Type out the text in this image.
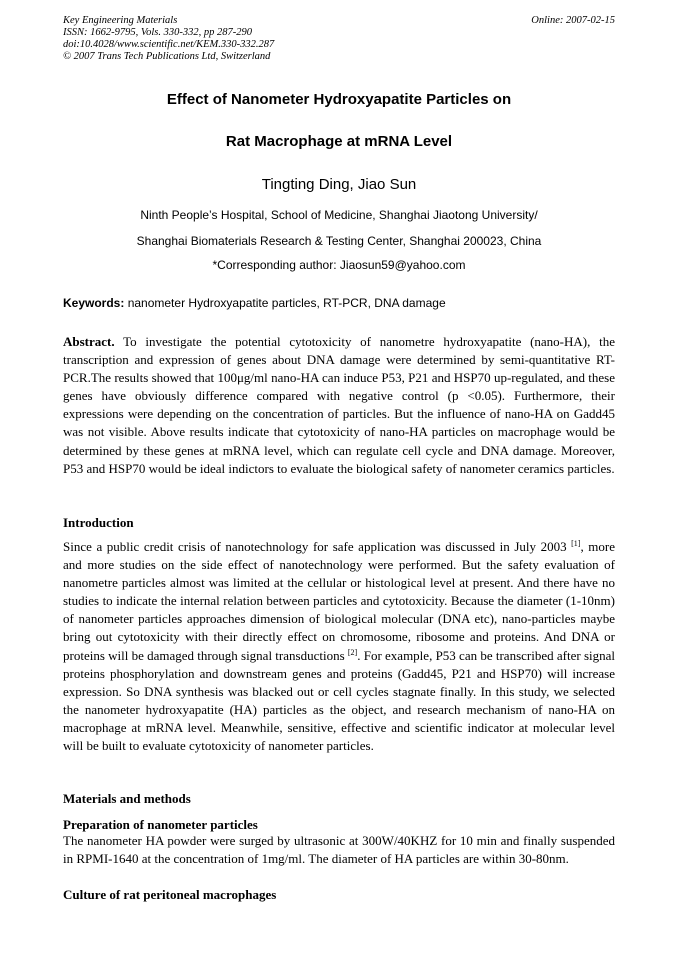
Key Engineering Materials
ISSN: 1662-9795, Vols. 330-332, pp 287-290
doi:10.4028/www.scientific.net/KEM.330-332.287
© 2007 Trans Tech Publications Ltd, Switzerland
Online: 2007-02-15
Effect of Nanometer Hydroxyapatite Particles on
Rat Macrophage at mRNA Level
Tingting Ding, Jiao Sun
Ninth People’s Hospital, School of Medicine, Shanghai Jiaotong University/
Shanghai Biomaterials Research & Testing Center, Shanghai 200023, China
*Corresponding author: Jiaosun59@yahoo.com
Keywords: nanometer Hydroxyapatite particles, RT-PCR, DNA damage
Abstract. To investigate the potential cytotoxicity of nanometre hydroxyapatite (nano-HA), the transcription and expression of genes about DNA damage were determined by semi-quantitative RT-PCR.The results showed that 100μg/ml nano-HA can induce P53, P21 and HSP70 up-regulated, and these genes have obviously difference compared with negative control (p <0.05). Furthermore, their expressions were depending on the concentration of particles. But the influence of nano-HA on Gadd45 was not visible. Above results indicate that cytotoxicity of nano-HA particles on macrophage would be determined by these genes at mRNA level, which can regulate cell cycle and DNA damage. Moreover, P53 and HSP70 would be ideal indictors to evaluate the biological safety of nanometer ceramics particles.
Introduction
Since a public credit crisis of nanotechnology for safe application was discussed in July 2003 [1], more and more studies on the side effect of nanotechnology were performed. But the safety evaluation of nanometre particles almost was limited at the cellular or histological level at present. And there have no studies to indicate the internal relation between particles and cytotoxicity. Because the diameter (1-10nm) of nanometer particles approaches dimension of biological molecular (DNA etc), nano-particles maybe bring out cytotoxicity with their directly effect on chromosome, ribosome and proteins. And DNA or proteins will be damaged through signal transductions [2]. For example, P53 can be transcribed after signal proteins phosphorylation and downstream genes and proteins (Gadd45, P21 and HSP70) will increase expression. So DNA synthesis was blacked out or cell cycles stagnate finally. In this study, we selected the nanometer hydroxyapatite (HA) particles as the object, and research mechanism of nano-HA on macrophage at mRNA level. Meanwhile, sensitive, effective and scientific indicator at molecular level will be built to evaluate cytotoxicity of nanometer particles.
Materials and methods
Preparation of nanometer particles
The nanometer HA powder were surged by ultrasonic at 300W/40KHZ for 10 min and finally suspended in RPMI-1640 at the concentration of 1mg/ml. The diameter of HA particles are within 30-80nm.
Culture of rat peritoneal macrophages
